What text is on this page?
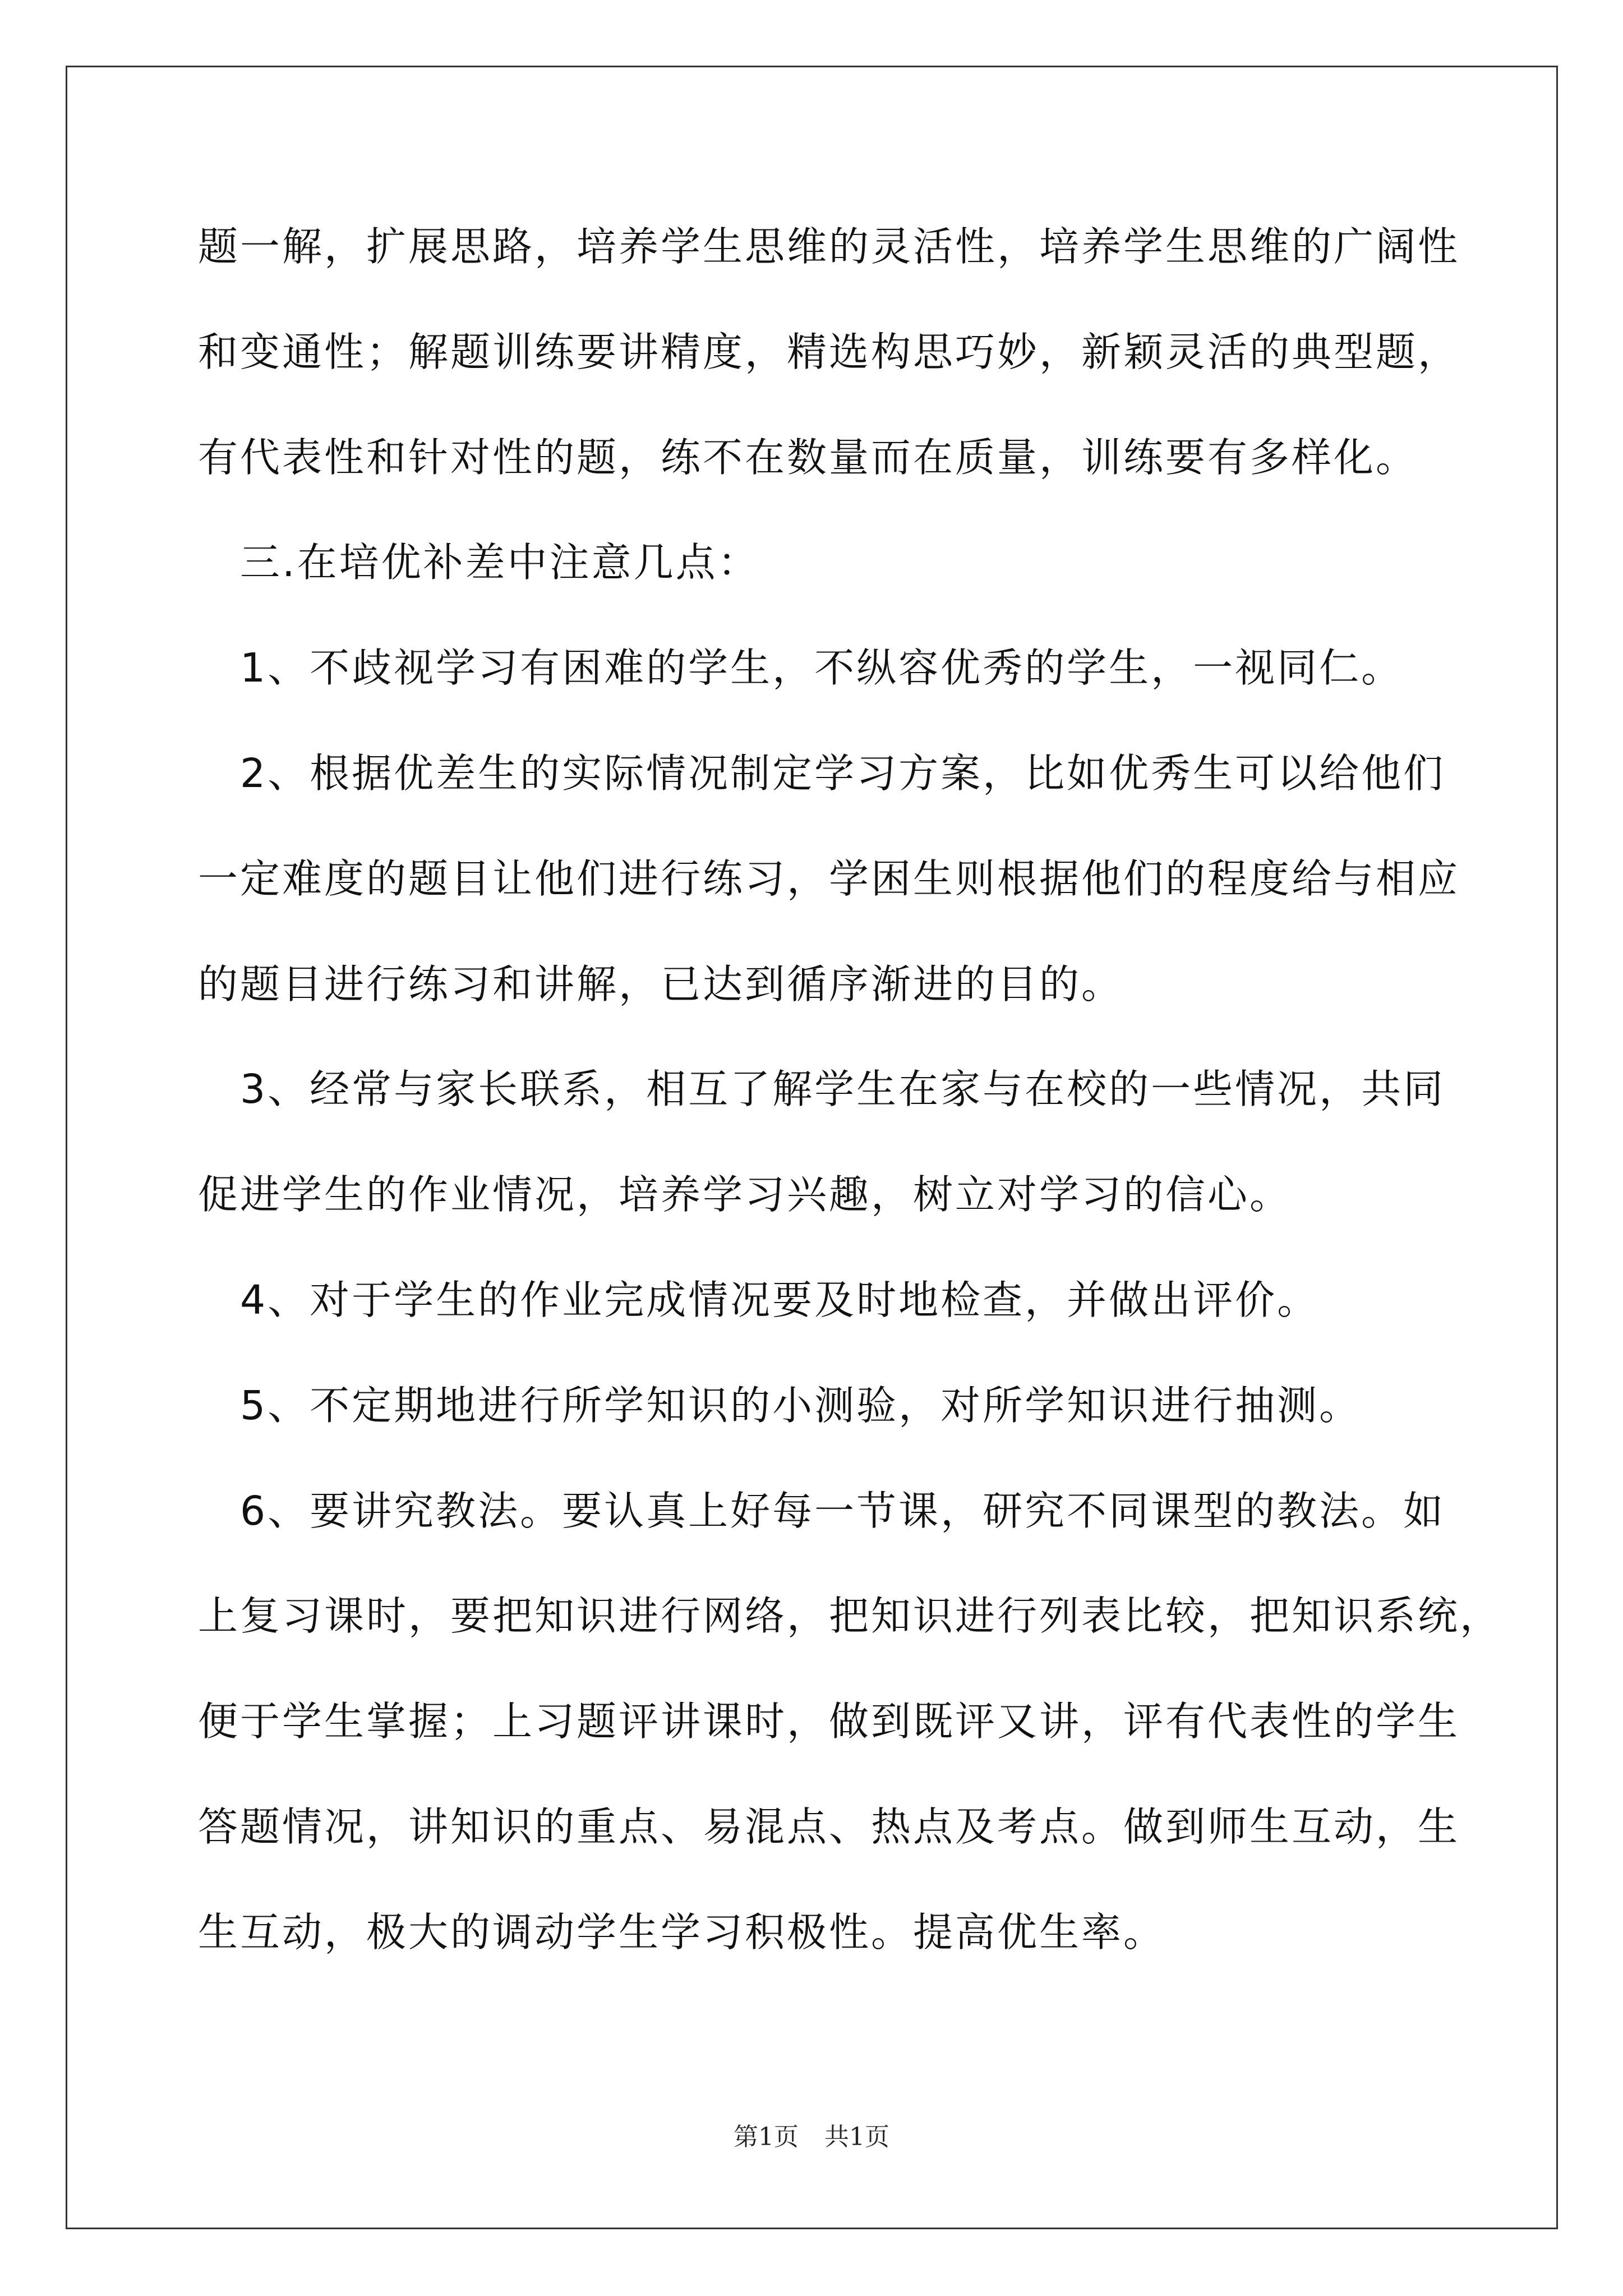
题一解，扩展思路，培养学生思维的灵活性，培养学生思维的广阔性
和变通性；解题训练要讲精度，精选构思巧妙，新颖灵活的典型题，
有代表性和针对性的题，练不在数量而在质量，训练要有多样化。
　三.在培优补差中注意几点：
　1、不歧视学习有困难的学生，不纵容优秀的学生，一视同仁。
　2、根据优差生的实际情况制定学习方案，比如优秀生可以给他们
一定难度的题目让他们进行练习，学困生则根据他们的程度给与相应
的题目进行练习和讲解，已达到循序渐进的目的。
　3、经常与家长联系，相互了解学生在家与在校的一些情况，共同
促进学生的作业情况，培养学习兴趣，树立对学习的信心。
　4、对于学生的作业完成情况要及时地检查，并做出评价。
　5、不定期地进行所学知识的小测验，对所学知识进行抽测。
　6、要讲究教法。要认真上好每一节课，研究不同课型的教法。如
上复习课时，要把知识进行网络，把知识进行列表比较，把知识系统，
便于学生掌握；上习题评讲课时，做到既评又讲，评有代表性的学生
答题情况，讲知识的重点、易混点、热点及考点。做到师生互动，生
生互动，极大的调动学生学习积极性。提高优生率。
第1页 共1页
